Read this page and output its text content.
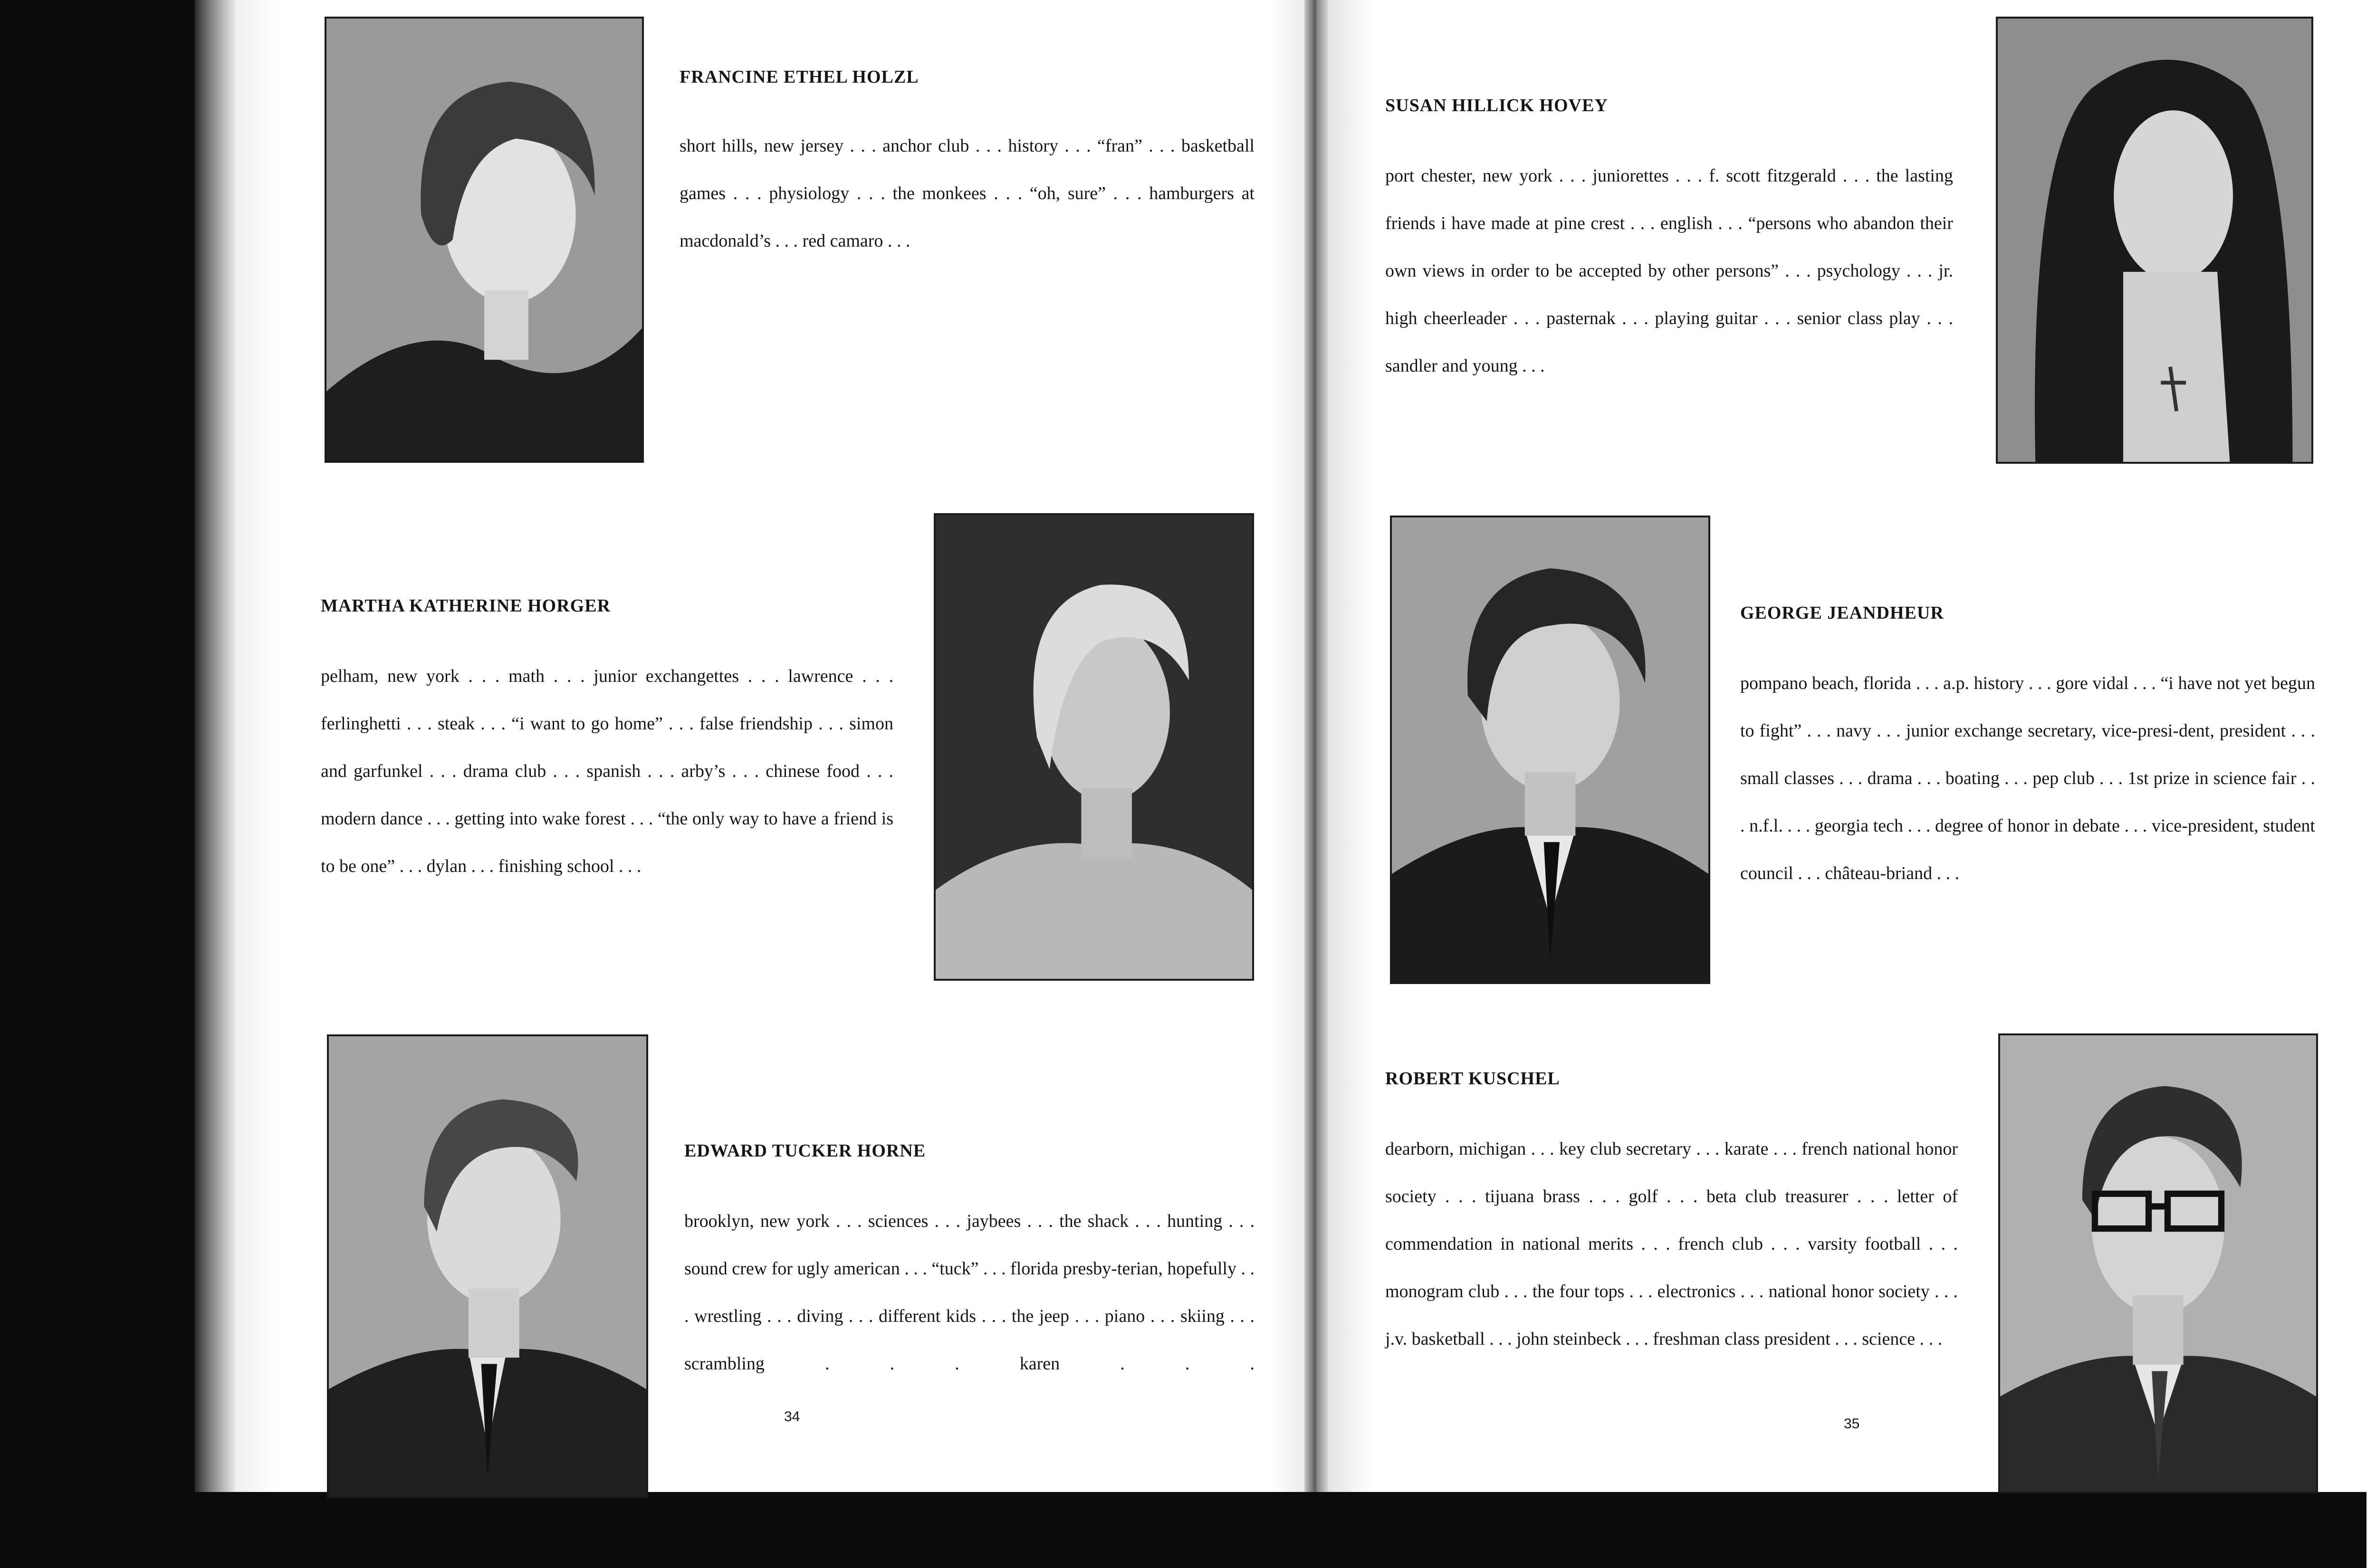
FRANCINE ETHEL HOLZL
short hills, new jersey . . . anchor club . . . history . . . “fran” . . . basketball games . . . physiology . . . the monkees . . . “oh, sure” . . . hamburgers at macdonald’s . . . red camaro . . .
MARTHA KATHERINE HORGER
pelham, new york . . . math . . . junior exchangettes . . . lawrence . . . ferlinghetti . . . steak . . . “i want to go home” . . . false friendship . . . simon and garfunkel . . . drama club . . . spanish . . . arby’s . . . chinese food . . . modern dance . . . getting into wake forest . . . “the only way to have a friend is to be one” . . . dylan . . . finishing school . . .
EDWARD TUCKER HORNE
brooklyn, new york . . . sciences . . . jaybees . . . the shack . . . hunting . . . sound crew for ugly american . . . “tuck” . . . florida presby-terian, hopefully . . . wrestling . . . diving . . . different kids . . . the jeep . . . piano . . . skiing . . . scrambling . . . karen . . .
34
SUSAN HILLICK HOVEY
port chester, new york . . . juniorettes . . . f. scott fitzgerald . . . the lasting friends i have made at pine crest . . . english . . . “persons who abandon their own views in order to be accepted by other persons” . . . psychology . . . jr. high cheerleader . . . pasternak . . . playing guitar . . . senior class play . . . sandler and young . . .
GEORGE JEANDHEUR
pompano beach, florida . . . a.p. history . . . gore vidal . . . “i have not yet begun to fight” . . . navy . . . junior exchange secretary, vice-presi-dent, president . . . small classes . . . drama . . . boating . . . pep club . . . 1st prize in science fair . . . n.f.l. . . . georgia tech . . . degree of honor in debate . . . vice-president, student council . . . château-briand . . .
ROBERT KUSCHEL
dearborn, michigan . . . key club secretary . . . karate . . . french national honor society . . . tijuana brass . . . golf . . . beta club treasurer . . . letter of commendation in national merits . . . french club . . . varsity football . . . monogram club . . . the four tops . . . electronics . . . national honor society . . . j.v. basketball . . . john steinbeck . . . freshman class president . . . science . . .
35
